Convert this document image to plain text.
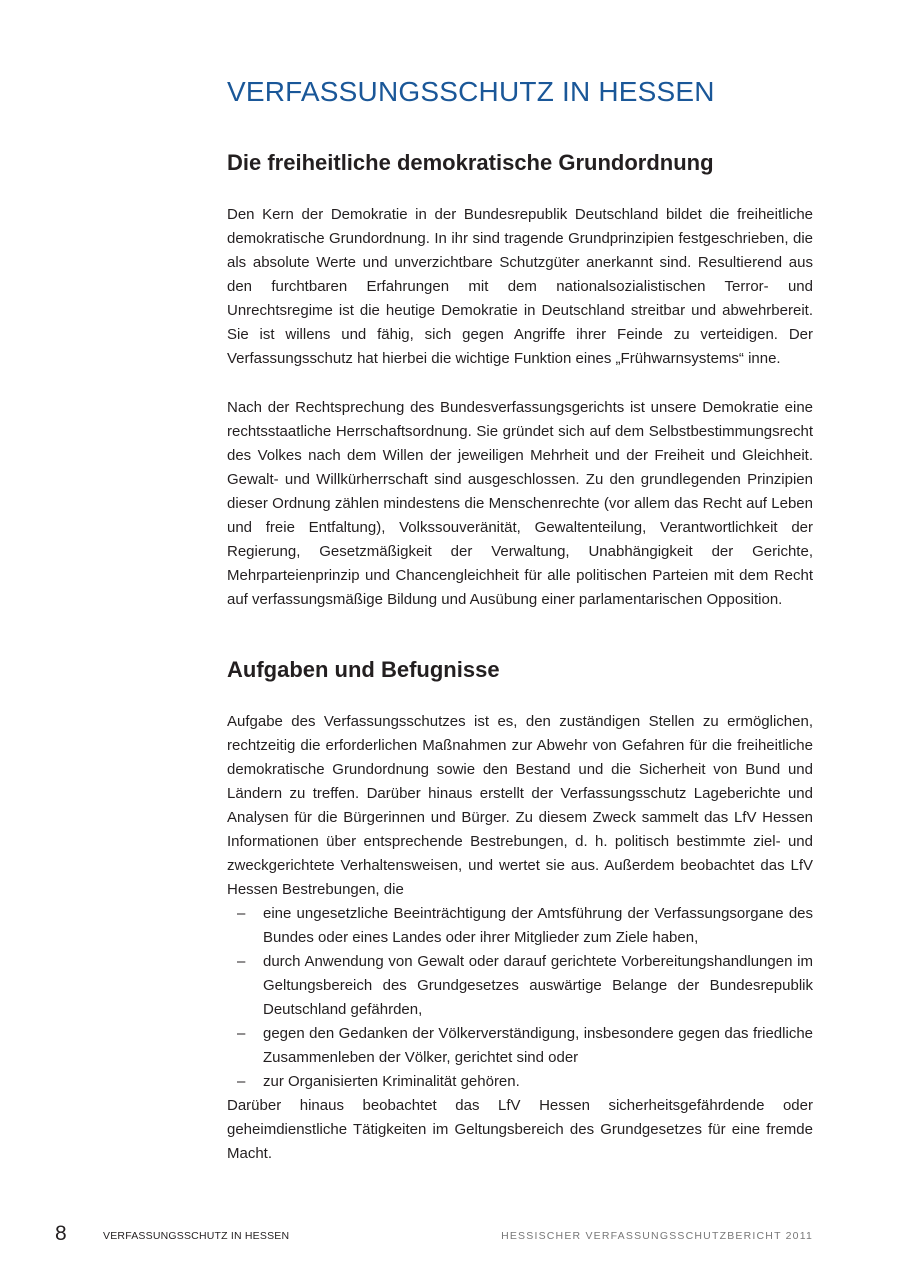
VERFASSUNGSSCHUTZ IN HESSEN
Die freiheitliche demokratische Grundordnung

Den Kern der Demokratie in der Bundesrepublik Deutschland bildet die freiheitliche demokratische Grundordnung. In ihr sind tragende Grundprinzipien festgeschrieben, die als absolute Werte und unverzichtbare Schutzgüter anerkannt sind. Resultierend aus den furchtbaren Erfahrungen mit dem nationalsozialistischen Terror- und Unrechtsregime ist die heutige Demokratie in Deutschland streitbar und abwehrbereit. Sie ist willens und fähig, sich gegen Angriffe ihrer Feinde zu verteidigen. Der Verfassungsschutz hat hierbei die wichtige Funktion eines „Frühwarnsystems“ inne.

Nach der Rechtsprechung des Bundesverfassungsgerichts ist unsere Demokratie eine rechtsstaatliche Herrschaftsordnung. Sie gründet sich auf dem Selbstbestimmungsrecht des Volkes nach dem Willen der jeweiligen Mehrheit und der Freiheit und Gleichheit. Gewalt- und Willkürherrschaft sind ausgeschlossen. Zu den grundlegenden Prinzipien dieser Ordnung zählen mindestens die Menschenrechte (vor allem das Recht auf Leben und freie Entfaltung), Volkssouveränität, Gewaltenteilung, Verantwortlichkeit der Regierung, Gesetzmäßigkeit der Verwaltung, Unabhängigkeit der Gerichte, Mehrparteienprinzip und Chancengleichheit für alle politischen Parteien mit dem Recht auf verfassungsmäßige Bildung und Ausübung einer parlamentarischen Opposition.

Aufgaben und Befugnisse

Aufgabe des Verfassungsschutzes ist es, den zuständigen Stellen zu ermöglichen, rechtzeitig die erforderlichen Maßnahmen zur Abwehr von Gefahren für die freiheitliche demokratische Grundordnung sowie den Bestand und die Sicherheit von Bund und Ländern zu treffen. Darüber hinaus erstellt der Verfassungsschutz Lageberichte und Analysen für die Bürgerinnen und Bürger. Zu diesem Zweck sammelt das LfV Hessen Informationen über entsprechende Bestrebungen, d. h. politisch bestimmte ziel- und zweckgerichtete Verhaltensweisen, und wertet sie aus. Außerdem beobachtet das LfV Hessen Bestrebungen, die

– eine ungesetzliche Beeinträchtigung der Amtsführung der Verfassungsorgane des Bundes oder eines Landes oder ihrer Mitglieder zum Ziele haben,
– durch Anwendung von Gewalt oder darauf gerichtete Vorbereitungshandlungen im Geltungsbereich des Grundgesetzes auswärtige Belange der Bundesrepublik Deutschland gefährden,
– gegen den Gedanken der Völkerverständigung, insbesondere gegen das friedliche Zusammenleben der Völker, gerichtet sind oder
– zur Organisierten Kriminalität gehören.

Darüber hinaus beobachtet das LfV Hessen sicherheitsgefährdende oder geheimdienstliche Tätigkeiten im Geltungsbereich des Grundgesetzes für eine fremde Macht.

8	VERFASSUNGSSCHUTZ IN HESSEN	HESSISCHER VERFASSUNGSSCHUTZBERICHT 2011
